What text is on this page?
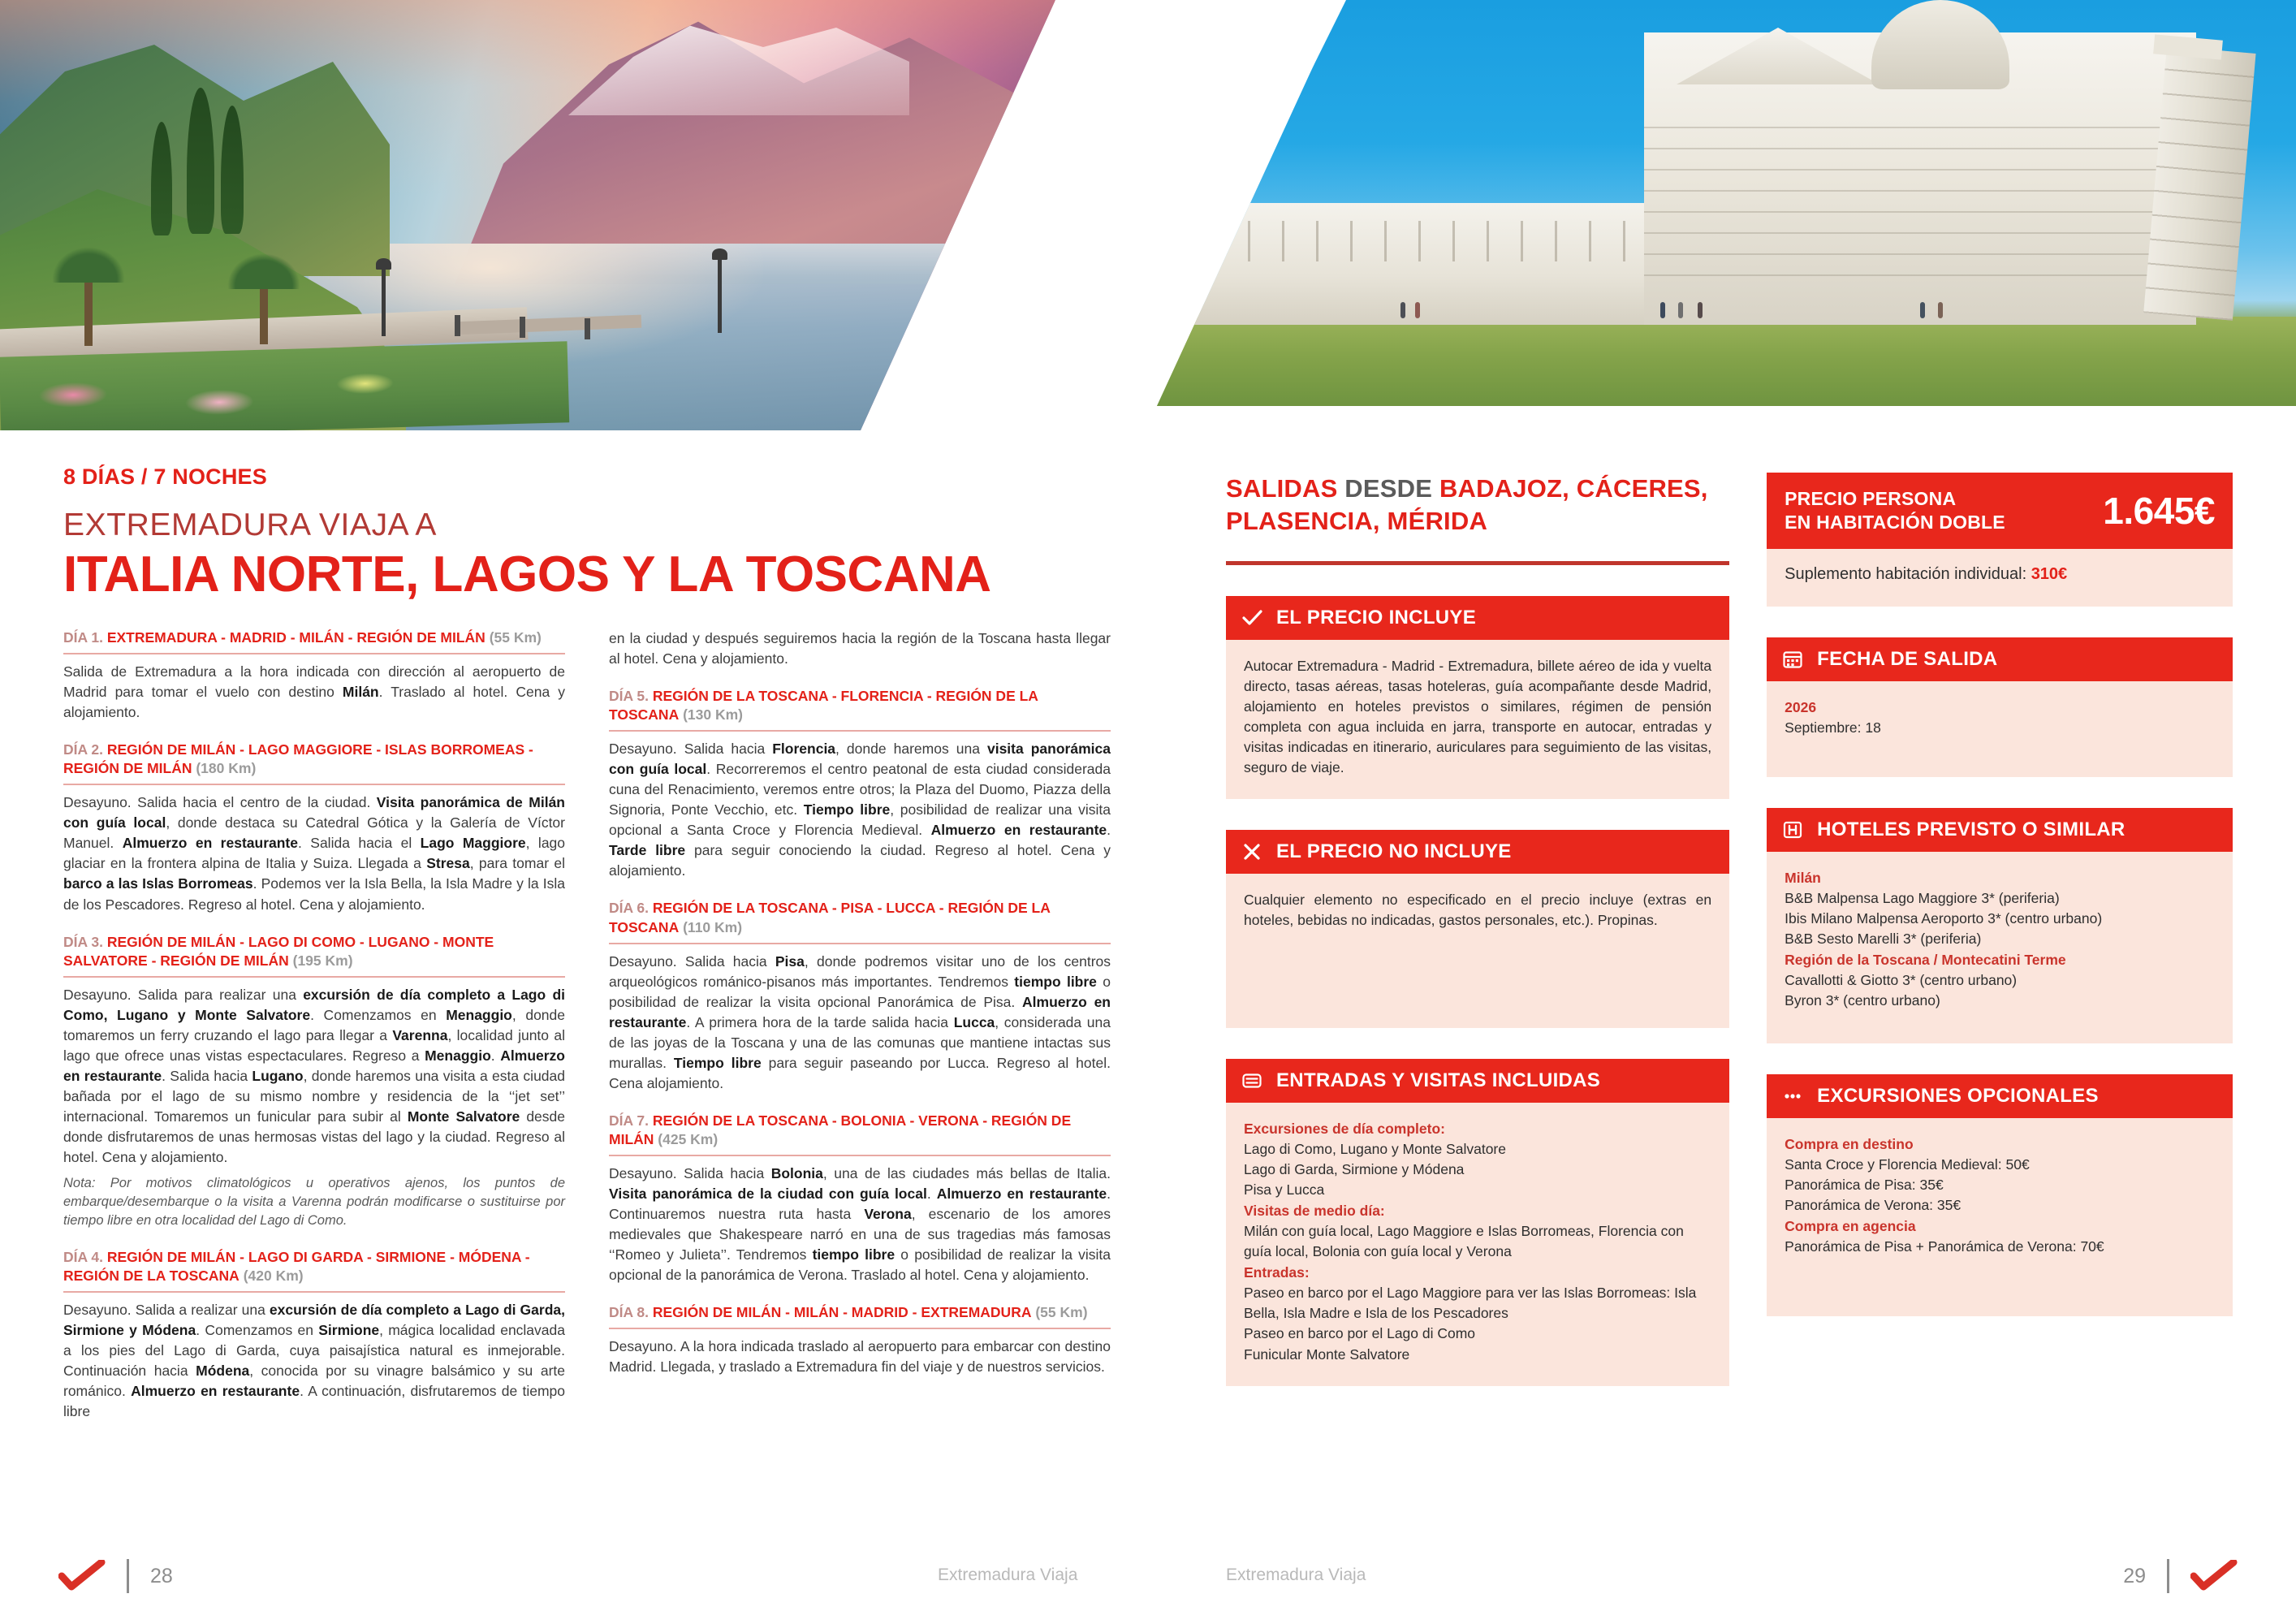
8 DÍAS / 7 NOCHES
EXTREMADURA VIAJA A
ITALIA NORTE, LAGOS Y LA TOSCANA
DÍA 1. EXTREMADURA - MADRID - MILÁN - REGIÓN DE MILÁN (55 Km)
Salida de Extremadura a la hora indicada con dirección al aeropuerto de Madrid para tomar el vuelo con destino Milán. Traslado al hotel. Cena y alojamiento.
DÍA 2. REGIÓN DE MILÁN - LAGO MAGGIORE - ISLAS BORROMEAS - REGIÓN DE MILÁN (180 Km)
Desayuno. Salida hacia el centro de la ciudad. Visita panorámica de Milán con guía local, donde destaca su Catedral Gótica y la Galería de Víctor Manuel. Almuerzo en restaurante. Salida hacia el Lago Maggiore, lago glaciar en la frontera alpina de Italia y Suiza. Llegada a Stresa, para tomar el barco a las Islas Borromeas. Podemos ver la Isla Bella, la Isla Madre y la Isla de los Pescadores. Regreso al hotel. Cena y alojamiento.
DÍA 3. REGIÓN DE MILÁN - LAGO DI COMO - LUGANO - MONTE SALVATORE - REGIÓN DE MILÁN (195 Km)
Desayuno. Salida para realizar una excursión de día completo a Lago di Como, Lugano y Monte Salvatore. Comenzamos en Menaggio, donde tomaremos un ferry cruzando el lago para llegar a Varenna, localidad junto al lago que ofrece unas vistas espectaculares. Regreso a Menaggio. Almuerzo en restaurante. Salida hacia Lugano, donde haremos una visita a esta ciudad bañada por el lago de su mismo nombre y residencia de la ‘‘jet set’’ internacional. Tomaremos un funicular para subir al Monte Salvatore desde donde disfrutaremos de unas hermosas vistas del lago y la ciudad. Regreso al hotel. Cena y alojamiento.
Nota: Por motivos climatológicos u operativos ajenos, los puntos de embarque/desembarque o la visita a Varenna podrán modificarse o sustituirse por tiempo libre en otra localidad del Lago di Como.
DÍA 4. REGIÓN DE MILÁN - LAGO DI GARDA - SIRMIONE - MÓDENA - REGIÓN DE LA TOSCANA (420 Km)
Desayuno. Salida a realizar una excursión de día completo a Lago di Garda, Sirmione y Módena. Comenzamos en Sirmione, mágica localidad enclavada a los pies del Lago di Garda, cuya paisajística natural es inmejorable. Continuación hacia Módena, conocida por su vinagre balsámico y su arte románico. Almuerzo en restaurante. A continuación, disfrutaremos de tiempo libre
en la ciudad y después seguiremos hacia la región de la Toscana hasta llegar al hotel. Cena y alojamiento.
DÍA 5. REGIÓN DE LA TOSCANA - FLORENCIA - REGIÓN DE LA TOSCANA (130 Km)
Desayuno. Salida hacia Florencia, donde haremos una visita panorámica con guía local. Recorreremos el centro peatonal de esta ciudad considerada cuna del Renacimiento, veremos entre otros; la Plaza del Duomo, Piazza della Signoria, Ponte Vecchio, etc. Tiempo libre, posibilidad de realizar una visita opcional a Santa Croce y Florencia Medieval. Almuerzo en restaurante. Tarde libre para seguir conociendo la ciudad. Regreso al hotel. Cena y alojamiento.
DÍA 6. REGIÓN DE LA TOSCANA - PISA - LUCCA - REGIÓN DE LA TOSCANA (110 Km)
Desayuno. Salida hacia Pisa, donde podremos visitar uno de los centros arqueológicos románico-pisanos más importantes. Tendremos tiempo libre o posibilidad de realizar la visita opcional Panorámica de Pisa. Almuerzo en restaurante. A primera hora de la tarde salida hacia Lucca, considerada una de las joyas de la Toscana y una de las comunas que mantiene intactas sus murallas. Tiempo libre para seguir paseando por Lucca. Regreso al hotel. Cena alojamiento.
DÍA 7. REGIÓN DE LA TOSCANA - BOLONIA - VERONA - REGIÓN DE MILÁN (425 Km)
Desayuno. Salida hacia Bolonia, una de las ciudades más bellas de Italia. Visita panorámica de la ciudad con guía local. Almuerzo en restaurante. Continuaremos nuestra ruta hasta Verona, escenario de los amores medievales que Shakespeare narró en una de sus tragedias más famosas ‘‘Romeo y Julieta’’. Tendremos tiempo libre o posibilidad de realizar la visita opcional de la panorámica de Verona. Traslado al hotel. Cena y alojamiento.
DÍA 8. REGIÓN DE MILÁN - MILÁN - MADRID - EXTREMADURA (55 Km)
Desayuno. A la hora indicada traslado al aeropuerto para embarcar con destino Madrid. Llegada, y traslado a Extremadura fin del viaje y de nuestros servicios.
SALIDAS DESDE BADAJOZ, CÁCERES, PLASENCIA, MÉRIDA
EL PRECIO INCLUYE
Autocar Extremadura - Madrid - Extremadura, billete aéreo de ida y vuelta directo, tasas aéreas, tasas hoteleras, guía acompañante desde Madrid, alojamiento en hoteles previstos o similares, régimen de pensión completa con agua incluida en jarra, transporte en autocar, entradas y visitas indicadas en itinerario, auriculares para seguimiento de las visitas, seguro de viaje.
EL PRECIO NO INCLUYE
Cualquier elemento no especificado en el precio incluye (extras en hoteles, bebidas no indicadas, gastos personales, etc.). Propinas.
ENTRADAS Y VISITAS INCLUIDAS
Excursiones de día completo:
Lago di Como, Lugano y Monte Salvatore
Lago di Garda, Sirmione y Módena
Pisa y Lucca
Visitas de medio día:
Milán con guía local, Lago Maggiore e Islas Borromeas, Florencia con guía local, Bolonia con guía local y Verona
Entradas:
Paseo en barco por el Lago Maggiore para ver las Islas Borromeas: Isla Bella, Isla Madre e Isla de los Pescadores
Paseo en barco por el Lago di Como
Funicular Monte Salvatore
PRECIO PERSONA
EN HABITACIÓN DOBLE	1.645€
Suplemento habitación individual: 310€
FECHA DE SALIDA
2026
Septiembre: 18
HOTELES PREVISTO O SIMILAR
Milán
B&B Malpensa Lago Maggiore 3* (periferia)
Ibis Milano Malpensa Aeroporto 3* (centro urbano)
B&B Sesto Marelli 3* (periferia)
Región de la Toscana / Montecatini Terme
Cavallotti & Giotto 3* (centro urbano)
Byron 3* (centro urbano)
EXCURSIONES OPCIONALES
Compra en destino
Santa Croce y Florencia Medieval: 50€
Panorámica de Pisa: 35€
Panorámica de Verona: 35€
Compra en agencia
Panorámica de Pisa + Panorámica de Verona: 70€
28	Extremadura Viaja	Extremadura Viaja	29
